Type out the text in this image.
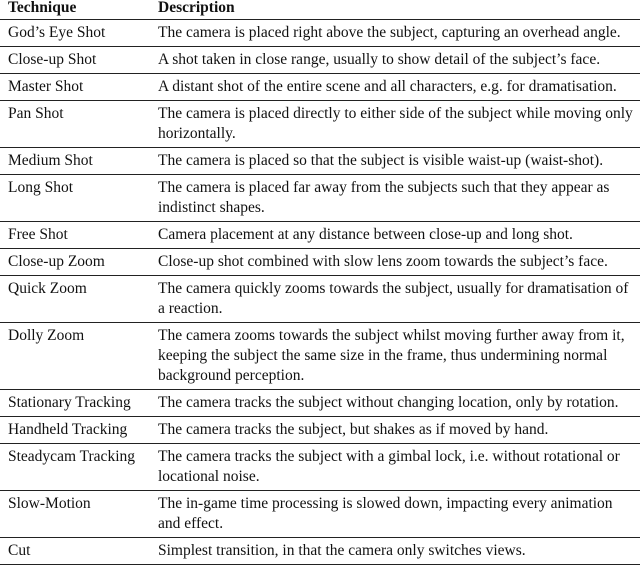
Technique	Description
God’s Eye Shot	The camera is placed right above the subject, capturing an overhead angle.
Close-up Shot	A shot taken in close range, usually to show detail of the subject’s face.
Master Shot	A distant shot of the entire scene and all characters, e.g. for dramatisation.
Pan Shot	The camera is placed directly to either side of the subject while moving only horizontally.
Medium Shot	The camera is placed so that the subject is visible waist-up (waist-shot).
Long Shot	The camera is placed far away from the subjects such that they appear as indistinct shapes.
Free Shot	Camera placement at any distance between close-up and long shot.
Close-up Zoom	Close-up shot combined with slow lens zoom towards the subject’s face.
Quick Zoom	The camera quickly zooms towards the subject, usually for dramatisation of a reaction.
Dolly Zoom	The camera zooms towards the subject whilst moving further away from it, keeping the subject the same size in the frame, thus undermining normal background perception.
Stationary Tracking	The camera tracks the subject without changing location, only by rotation.
Handheld Tracking	The camera tracks the subject, but shakes as if moved by hand.
Steadycam Tracking	The camera tracks the subject with a gimbal lock, i.e. without rotational or locational noise.
Slow-Motion	The in-game time processing is slowed down, impacting every animation and effect.
Cut	Simplest transition, in that the camera only switches views.
